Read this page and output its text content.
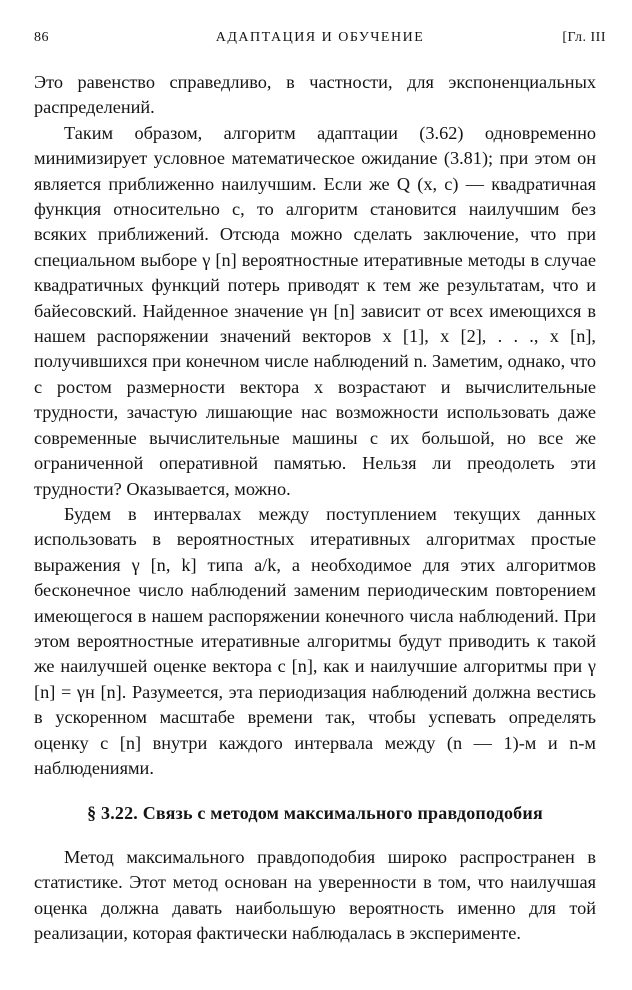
86	АДАПТАЦИЯ И ОБУЧЕНИЕ	[Гл. III

Это равенство справедливо, в частности, для экспоненциальных распределений.

Таким образом, алгоритм адаптации (3.62) одновременно минимизирует условное математическое ожидание (3.81); при этом он является приближенно наилучшим. Если же Q (x, c) — квадратичная функция относительно c, то алгоритм становится наилучшим без всяких приближений. Отсюда можно сделать заключение, что при специальном выборе γ [n] вероятностные итеративные методы в случае квадратичных функций потерь приводят к тем же результатам, что и байесовский. Найденное значение γн [n] зависит от всех имеющихся в нашем распоряжении значений векторов x [1], x [2], . . ., x [n], получившихся при конечном числе наблюдений n. Заметим, однако, что с ростом размерности вектора x возрастают и вычислительные трудности, зачастую лишающие нас возможности использовать даже современные вычислительные машины с их большой, но все же ограниченной оперативной памятью. Нельзя ли преодолеть эти трудности? Оказывается, можно.

Будем в интервалах между поступлением текущих данных использовать в вероятностных итеративных алгоритмах простые выражения γ [n, k] типа a/k, а необходимое для этих алгоритмов бесконечное число наблюдений заменим периодическим повторением имеющегося в нашем распоряжении конечного числа наблюдений. При этом вероятностные итеративные алгоритмы будут приводить к такой же наилучшей оценке вектора c [n], как и наилучшие алгоритмы при γ [n] = γн [n]. Разумеется, эта периодизация наблюдений должна вестись в ускоренном масштабе времени так, чтобы успевать определять оценку c [n] внутри каждого интервала между (n — 1)-м и n-м наблюдениями.

§ 3.22. Связь с методом максимального правдоподобия

Метод максимального правдоподобия широко распространен в статистике. Этот метод основан на уверенности в том, что наилучшая оценка должна давать наибольшую вероятность именно для той реализации, которая фактически наблюдалась в эксперименте.
